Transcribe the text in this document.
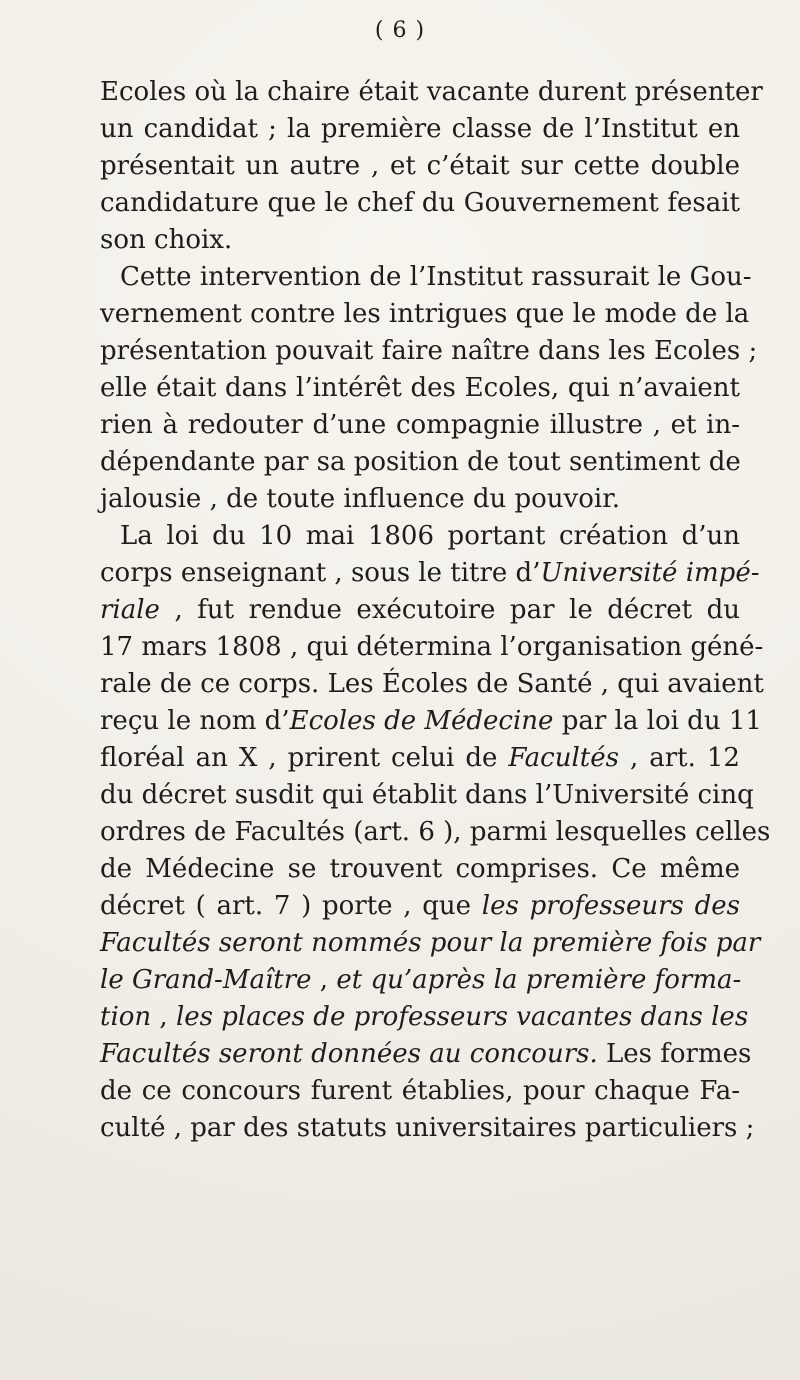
( 6 )
Ecoles où la chaire était vacante durent présenter
un candidat ; la première classe de l’Institut en
présentait un autre , et c’était sur cette double
candidature que le chef du Gouvernement fesait
son choix.
Cette intervention de l’Institut rassurait le Gou-
vernement contre les intrigues que le mode de la
présentation pouvait faire naître dans les Ecoles ;
elle était dans l’intérêt des Ecoles, qui n’avaient
rien à redouter d’une compagnie illustre , et in-
dépendante par sa position de tout sentiment de
jalousie , de toute influence du pouvoir.
La loi du 10 mai 1806 portant création d’un
corps enseignant , sous le titre d’Université impé-
riale , fut rendue exécutoire par le décret du
17 mars 1808 , qui détermina l’organisation géné-
rale de ce corps. Les Écoles de Santé , qui avaient
reçu le nom d’Ecoles de Médecine par la loi du 11
floréal an X , prirent celui de Facultés , art. 12
du décret susdit qui établit dans l’Université cinq
ordres de Facultés (art. 6 ), parmi lesquelles celles
de Médecine se trouvent comprises. Ce même
décret ( art. 7 ) porte , que les professeurs des
Facultés seront nommés pour la première fois par
le Grand-Maître , et qu’après la première forma-
tion , les places de professeurs vacantes dans les
Facultés seront données au concours. Les formes
de ce concours furent établies, pour chaque Fa-
culté , par des statuts universitaires particuliers ;
